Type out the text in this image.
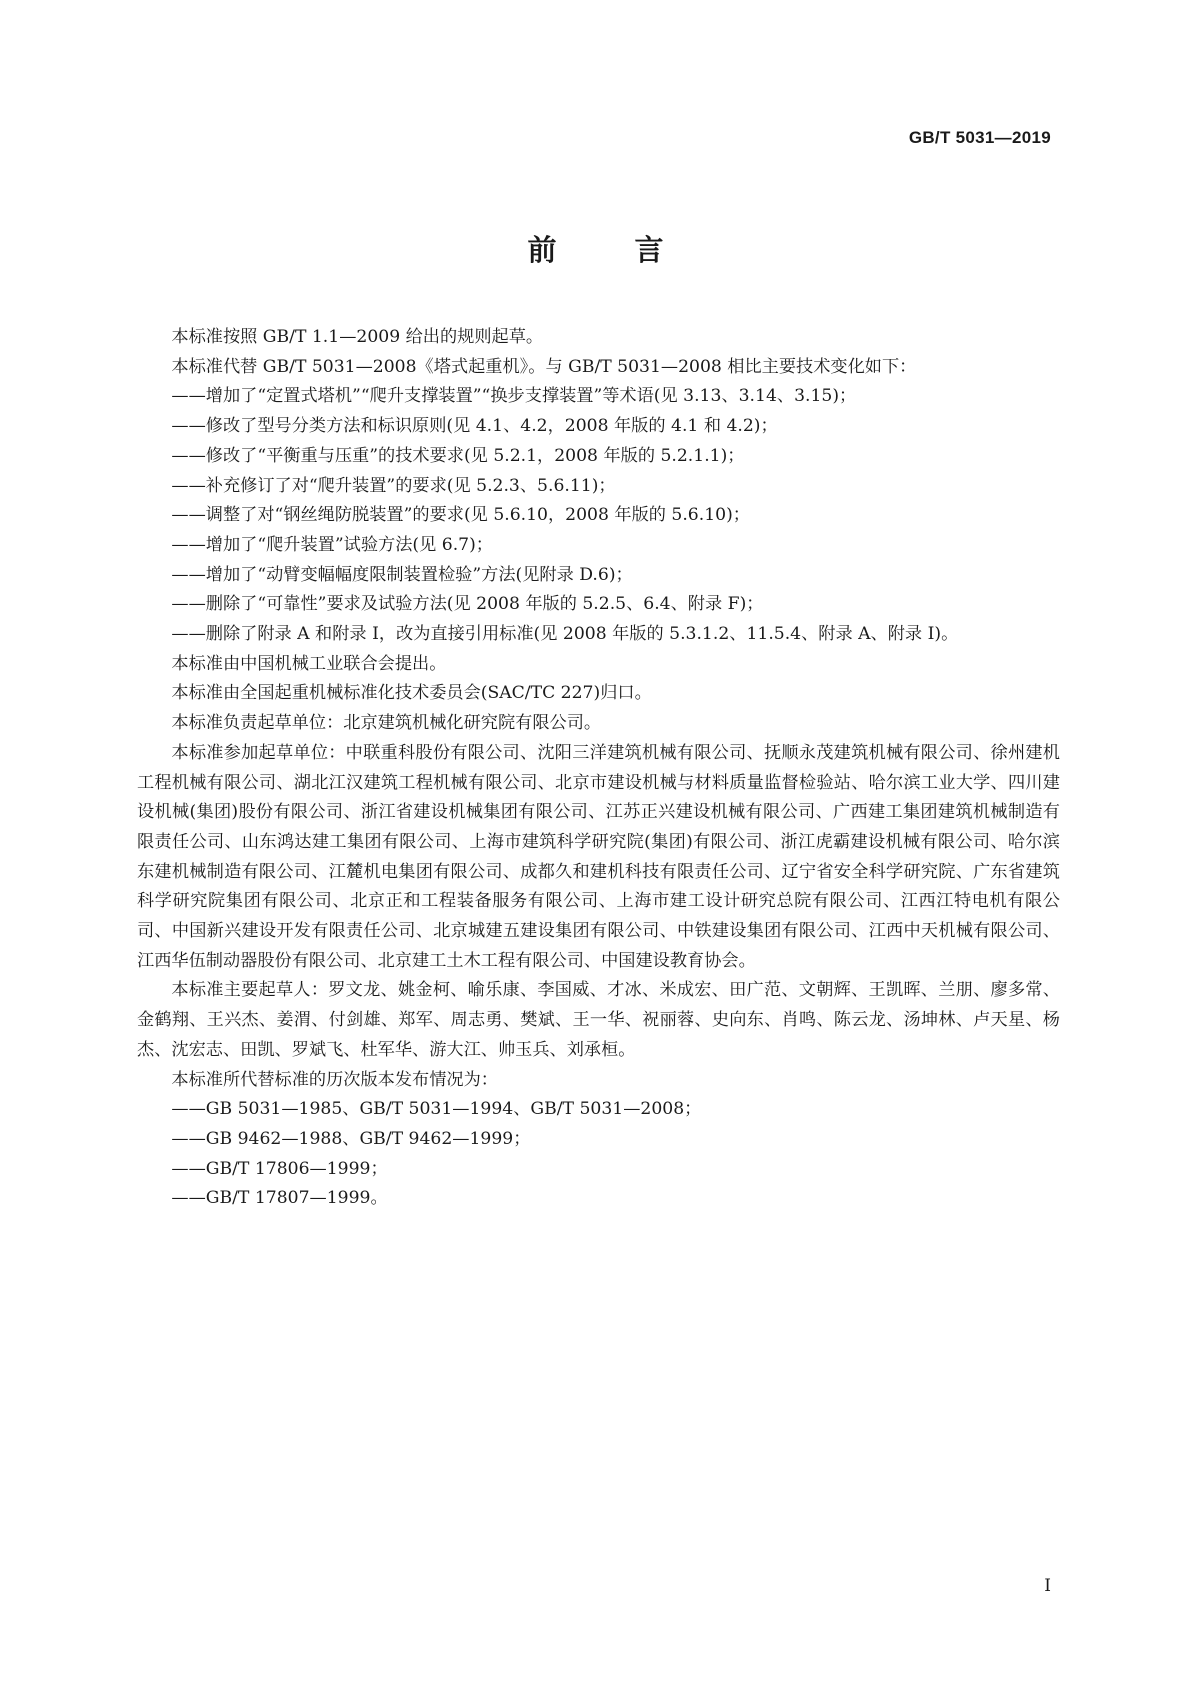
GB/T 5031—2019
前 言

本标准按照 GB/T 1.1—2009 给出的规则起草。

本标准代替 GB/T 5031—2008《塔式起重机》。与 GB/T 5031—2008 相比主要技术变化如下：

——增加了“定置式塔机”“爬升支撑装置”“换步支撑装置”等术语(见 3.13、3.14、3.15)；

——修改了型号分类方法和标识原则(见 4.1、4.2，2008 年版的 4.1 和 4.2)；

——修改了“平衡重与压重”的技术要求(见 5.2.1，2008 年版的 5.2.1.1)；

——补充修订了对“爬升装置”的要求(见 5.2.3、5.6.11)；

——调整了对“钢丝绳防脱装置”的要求(见 5.6.10，2008 年版的 5.6.10)；

——增加了“爬升装置”试验方法(见 6.7)；

——增加了“动臂变幅幅度限制装置检验”方法(见附录 D.6)；

——删除了“可靠性”要求及试验方法(见 2008 年版的 5.2.5、6.4、附录 F)；

——删除了附录 A 和附录 I，改为直接引用标准(见 2008 年版的 5.3.1.2、11.5.4、附录 A、附录 I)。

本标准由中国机械工业联合会提出。

本标准由全国起重机械标准化技术委员会(SAC/TC 227)归口。

本标准负责起草单位：北京建筑机械化研究院有限公司。

本标准参加起草单位：中联重科股份有限公司、沈阳三洋建筑机械有限公司、抚顺永茂建筑机械有限公司、徐州建机工程机械有限公司、湖北江汉建筑工程机械有限公司、北京市建设机械与材料质量监督检验站、哈尔滨工业大学、四川建设机械(集团)股份有限公司、浙江省建设机械集团有限公司、江苏正兴建设机械有限公司、广西建工集团建筑机械制造有限责任公司、山东鸿达建工集团有限公司、上海市建筑科学研究院(集团)有限公司、浙江虎霸建设机械有限公司、哈尔滨东建机械制造有限公司、江麓机电集团有限公司、成都久和建机科技有限责任公司、辽宁省安全科学研究院、广东省建筑科学研究院集团有限公司、北京正和工程装备服务有限公司、上海市建工设计研究总院有限公司、江西江特电机有限公司、中国新兴建设开发有限责任公司、北京城建五建设集团有限公司、中铁建设集团有限公司、江西中天机械有限公司、江西华伍制动器股份有限公司、北京建工土木工程有限公司、中国建设教育协会。

本标准主要起草人：罗文龙、姚金柯、喻乐康、李国威、才冰、米成宏、田广范、文朝辉、王凯晖、兰朋、廖多常、金鹤翔、王兴杰、姜渭、付剑雄、郑军、周志勇、樊斌、王一华、祝丽蓉、史向东、肖鸣、陈云龙、汤坤林、卢天星、杨杰、沈宏志、田凯、罗斌飞、杜军华、游大江、帅玉兵、刘承桓。

本标准所代替标准的历次版本发布情况为：

——GB 5031—1985、GB/T 5031—1994、GB/T 5031—2008；

——GB 9462—1988、GB/T 9462—1999；

——GB/T 17806—1999；

——GB/T 17807—1999。

I
